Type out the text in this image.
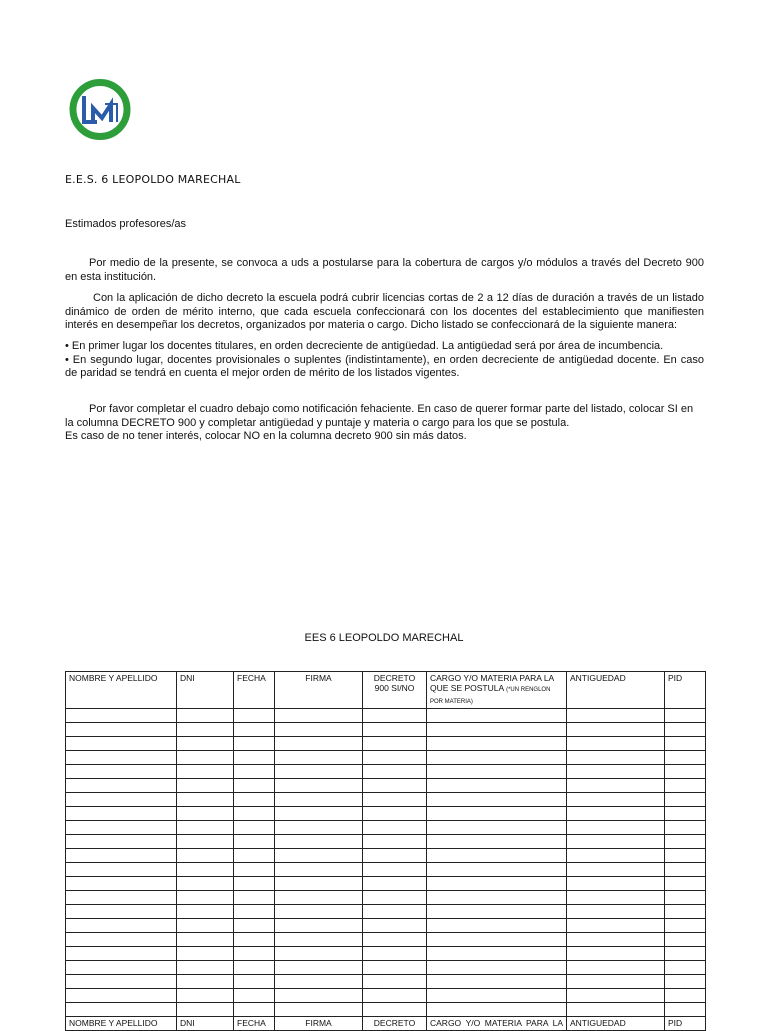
E.E.S. 6 LEOPOLDO MARECHAL
Estimados profesores/as

Por medio de la presente, se convoca a uds a postularse para la cobertura de cargos y/o módulos a través del Decreto 900 en esta institución.

Con la aplicación de dicho decreto la escuela podrá cubrir licencias cortas de 2 a 12 días de duración a través de un listado dinámico de orden de mérito interno, que cada escuela confeccionará con los docentes del establecimiento que manifiesten interés en desempeñar los decretos, organizados por materia o cargo. Dicho listado se confeccionará de la siguiente manera:

• En primer lugar los docentes titulares, en orden decreciente de antigüedad. La antigüedad será por área de incumbencia.
• En segundo lugar, docentes provisionales o suplentes (indistintamente), en orden decreciente de antigüedad docente. En caso de paridad se tendrá en cuenta el mejor orden de mérito de los listados vigentes.
Por favor completar el cuadro debajo como notificación fehaciente. En caso de querer formar parte del listado, colocar SI en la columna DECRETO 900 y completar antigüedad y puntaje y materia o cargo para los que se postula.
Es caso de no tener interés, colocar NO en la columna decreto 900 sin más datos.
EES 6 LEOPOLDO MARECHAL
NOMBRE Y APELLIDO	DNI	FECHA	FIRMA	DECRETO 900 SI/NO	CARGO Y/O MATERIA PARA LA QUE SE POSTULA (*UN RENGLON POR MATERIA)	ANTIGUEDAD	PID

NOMBRE Y APELLIDO	DNI	FECHA	FIRMA	DECRETO	CARGO Y/O MATERIA PARA LA	ANTIGUEDAD	PID
